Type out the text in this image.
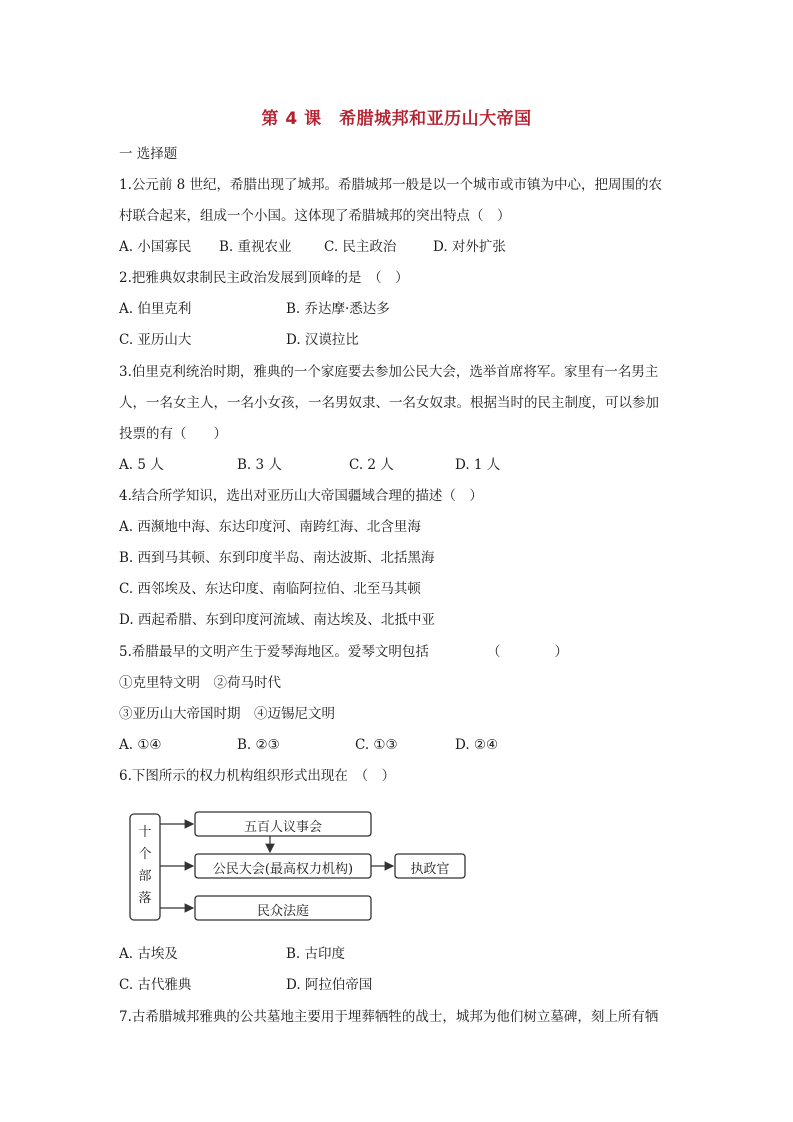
第 4 课　希腊城邦和亚历山大帝国
一 选择题
1.公元前 8 世纪，希腊出现了城邦。希腊城邦一般是以一个城市或市镇为中心，把周围的农
村联合起来，组成一个小国。这体现了希腊城邦的突出特点（　）
A. 小国寡民 B. 重视农业 C. 民主政治	D. 对外扩张
2.把雅典奴隶制民主政治发展到顶峰的是　（　）
A. 伯里克利	B. 乔达摩·悉达多
C. 亚历山大	D. 汉谟拉比
3.伯里克利统治时期，雅典的一个家庭要去参加公民大会，选举首席将军。家里有一名男主
人，一名女主人，一名小女孩，一名男奴隶、一名女奴隶。根据当时的民主制度，可以参加
投票的有（　　）
A. 5 人	B. 3 人	C. 2 人	D. 1 人
4.结合所学知识，选出对亚历山大帝国疆域合理的描述（　）
A. 西濒地中海、东达印度河、南跨红海、北含里海
B. 西到马其顿、东到印度半岛、南达波斯、北括黑海
C. 西邻埃及、东达印度、南临阿拉伯、北至马其顿
D. 西起希腊、东到印度河流域、南达埃及、北抵中亚
5.希腊最早的文明产生于爱琴海地区。爱琴文明包括	（　　　　）
①克里特文明　②荷马时代
③亚历山大帝国时期　④迈锡尼文明
A. ①④	B. ②③	C. ①③	D. ②④
6.下图所示的权力机构组织形式出现在　（　）
十
个
部
落
五百人议事会
公民大会(最高权力机构)	执政官
民众法庭
A. 古埃及	B. 古印度
C. 古代雅典	D. 阿拉伯帝国
7.古希腊城邦雅典的公共墓地主要用于埋葬牺牲的战士，城邦为他们树立墓碑，刻上所有牺
